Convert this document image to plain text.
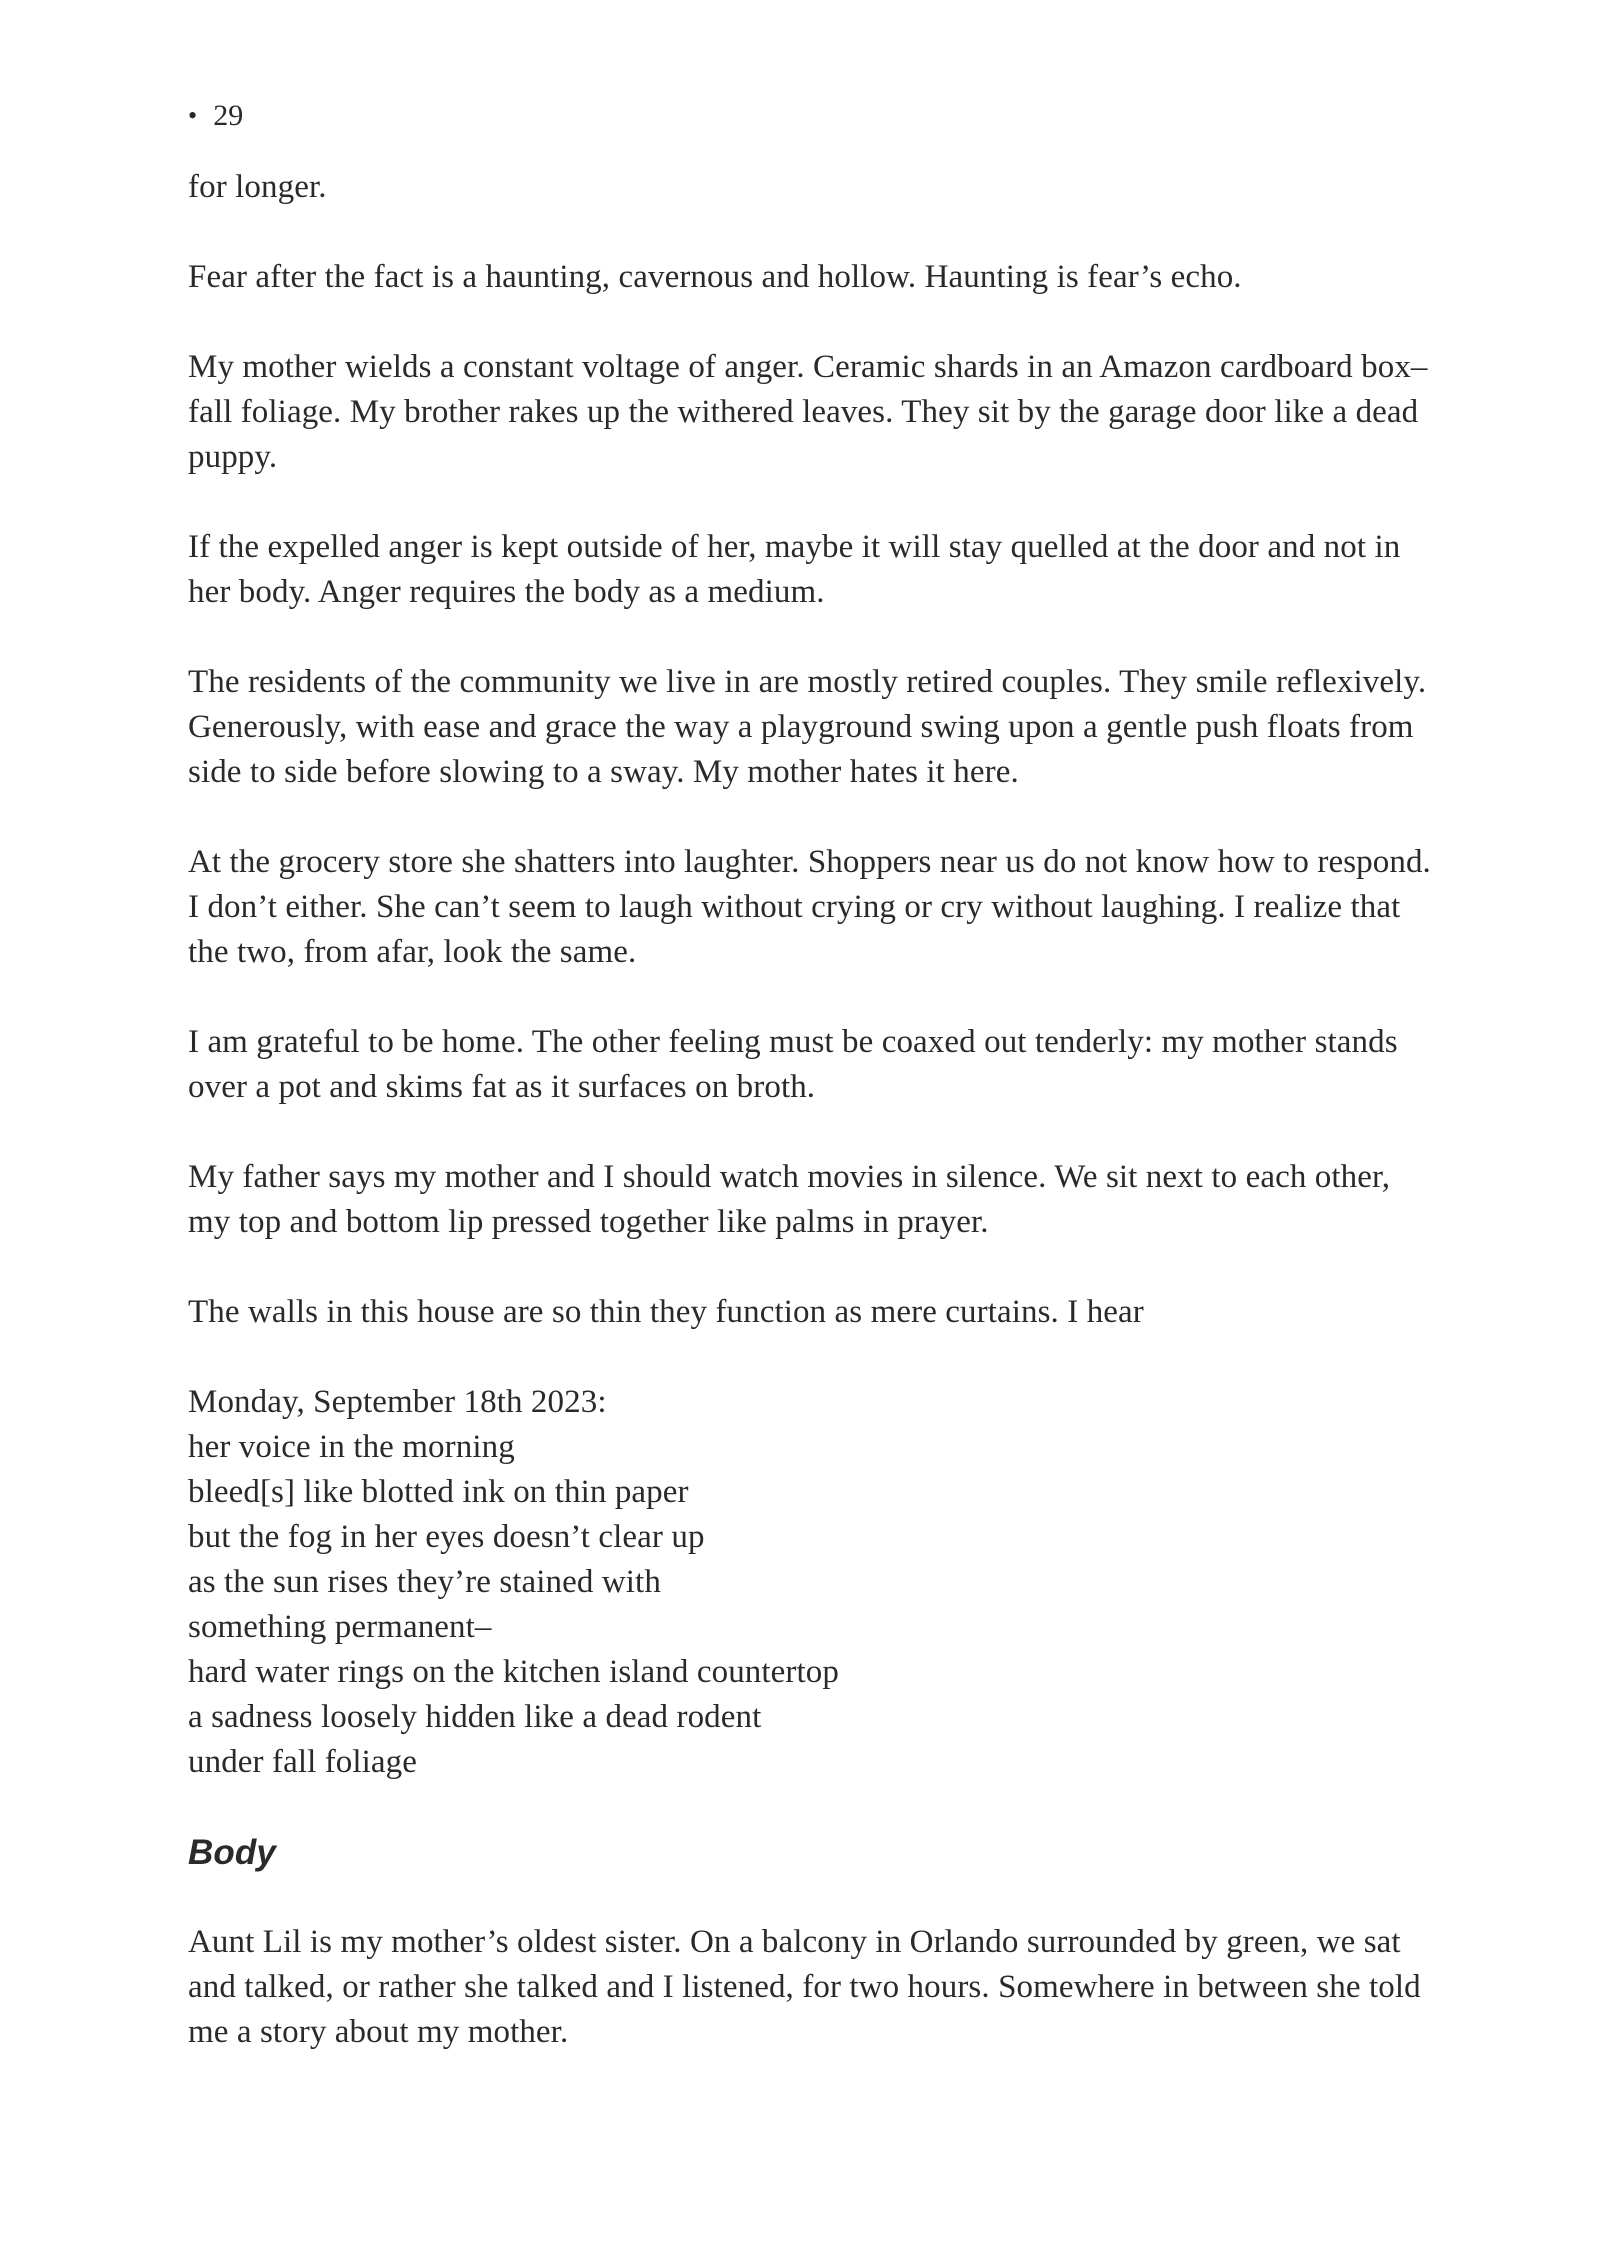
• 29

for longer.

Fear after the fact is a haunting, cavernous and hollow. Haunting is fear’s echo.

My mother wields a constant voltage of anger. Ceramic shards in an Amazon cardboard box–fall foliage. My brother rakes up the withered leaves. They sit by the garage door like a dead puppy.

If the expelled anger is kept outside of her, maybe it will stay quelled at the door and not in her body. Anger requires the body as a medium.

The residents of the community we live in are mostly retired couples. They smile reflexively. Generously, with ease and grace the way a playground swing upon a gentle push floats from side to side before slowing to a sway. My mother hates it here.

At the grocery store she shatters into laughter. Shoppers near us do not know how to respond. I don’t either. She can’t seem to laugh without crying or cry without laughing. I realize that the two, from afar, look the same.

I am grateful to be home. The other feeling must be coaxed out tenderly: my mother stands over a pot and skims fat as it surfaces on broth.

My father says my mother and I should watch movies in silence. We sit next to each other, my top and bottom lip pressed together like palms in prayer.

The walls in this house are so thin they function as mere curtains. I hear

Monday, September 18th 2023:
her voice in the morning
bleed[s] like blotted ink on thin paper
but the fog in her eyes doesn’t clear up
as the sun rises they’re stained with
something permanent–
hard water rings on the kitchen island countertop
a sadness loosely hidden like a dead rodent
under fall foliage
Body

Aunt Lil is my mother’s oldest sister. On a balcony in Orlando surrounded by green, we sat and talked, or rather she talked and I listened, for two hours. Somewhere in between she told me a story about my mother.
